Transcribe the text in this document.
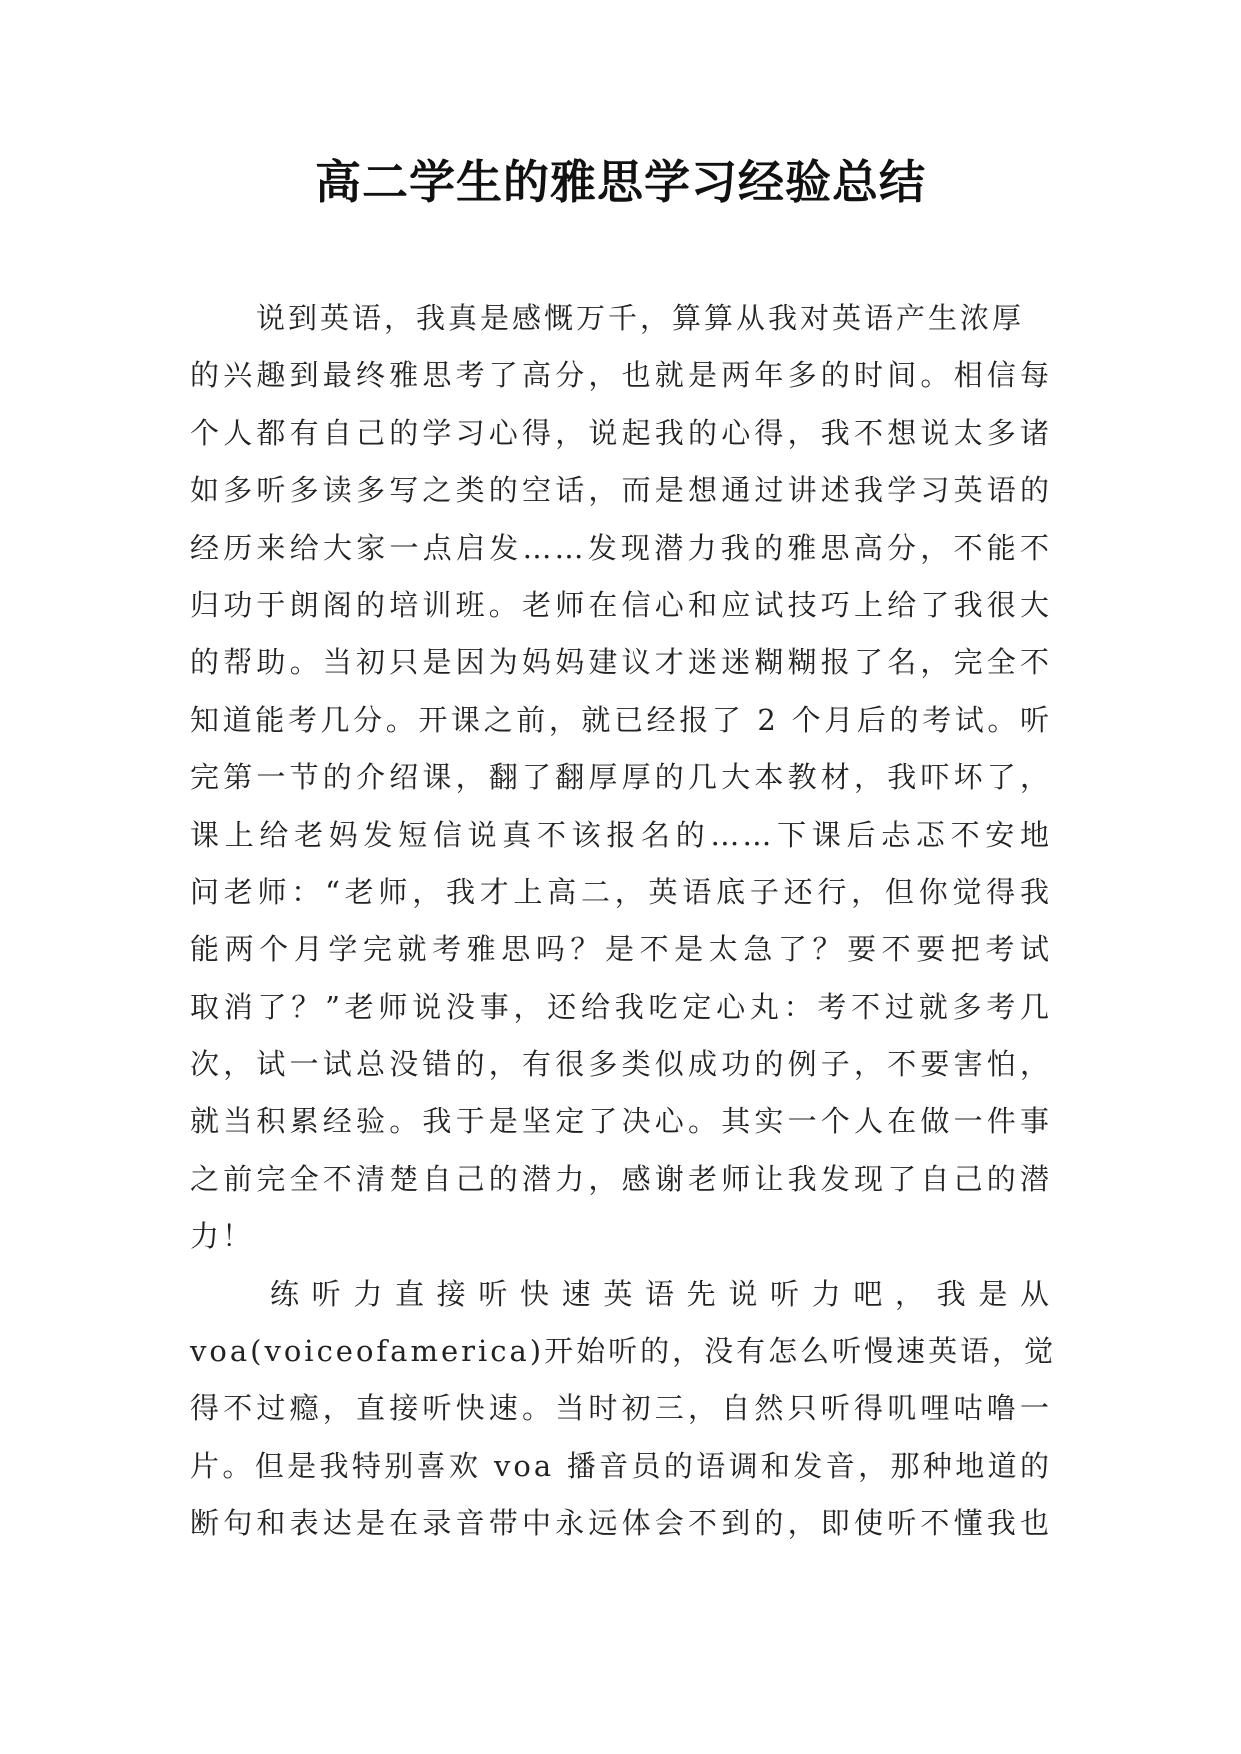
高二学生的雅思学习经验总结
说到英语，我真是感慨万千，算算从我对英语产生浓厚
的兴趣到最终雅思考了高分，也就是两年多的时间。相信每
个人都有自己的学习心得，说起我的心得，我不想说太多诸
如多听多读多写之类的空话，而是想通过讲述我学习英语的
经历来给大家一点启发……发现潜力我的雅思高分，不能不
归功于朗阁的培训班。老师在信心和应试技巧上给了我很大
的帮助。当初只是因为妈妈建议才迷迷糊糊报了名，完全不
知道能考几分。开课之前，就已经报了 2 个月后的考试。听
完第一节的介绍课，翻了翻厚厚的几大本教材，我吓坏了，
课上给老妈发短信说真不该报名的……下课后忐忑不安地
问老师：“老师，我才上高二，英语底子还行，但你觉得我
能两个月学完就考雅思吗？是不是太急了？要不要把考试
取消了？”老师说没事，还给我吃定心丸：考不过就多考几
次，试一试总没错的，有很多类似成功的例子，不要害怕，
就当积累经验。我于是坚定了决心。其实一个人在做一件事
之前完全不清楚自己的潜力，感谢老师让我发现了自己的潜
力！
练听力直接听快速英语先说听力吧，我是从
voa(voiceofamerica)开始听的，没有怎么听慢速英语，觉
得不过瘾，直接听快速。当时初三，自然只听得叽哩咕噜一
片。但是我特别喜欢 voa 播音员的语调和发音，那种地道的
断句和表达是在录音带中永远体会不到的，即使听不懂我也
